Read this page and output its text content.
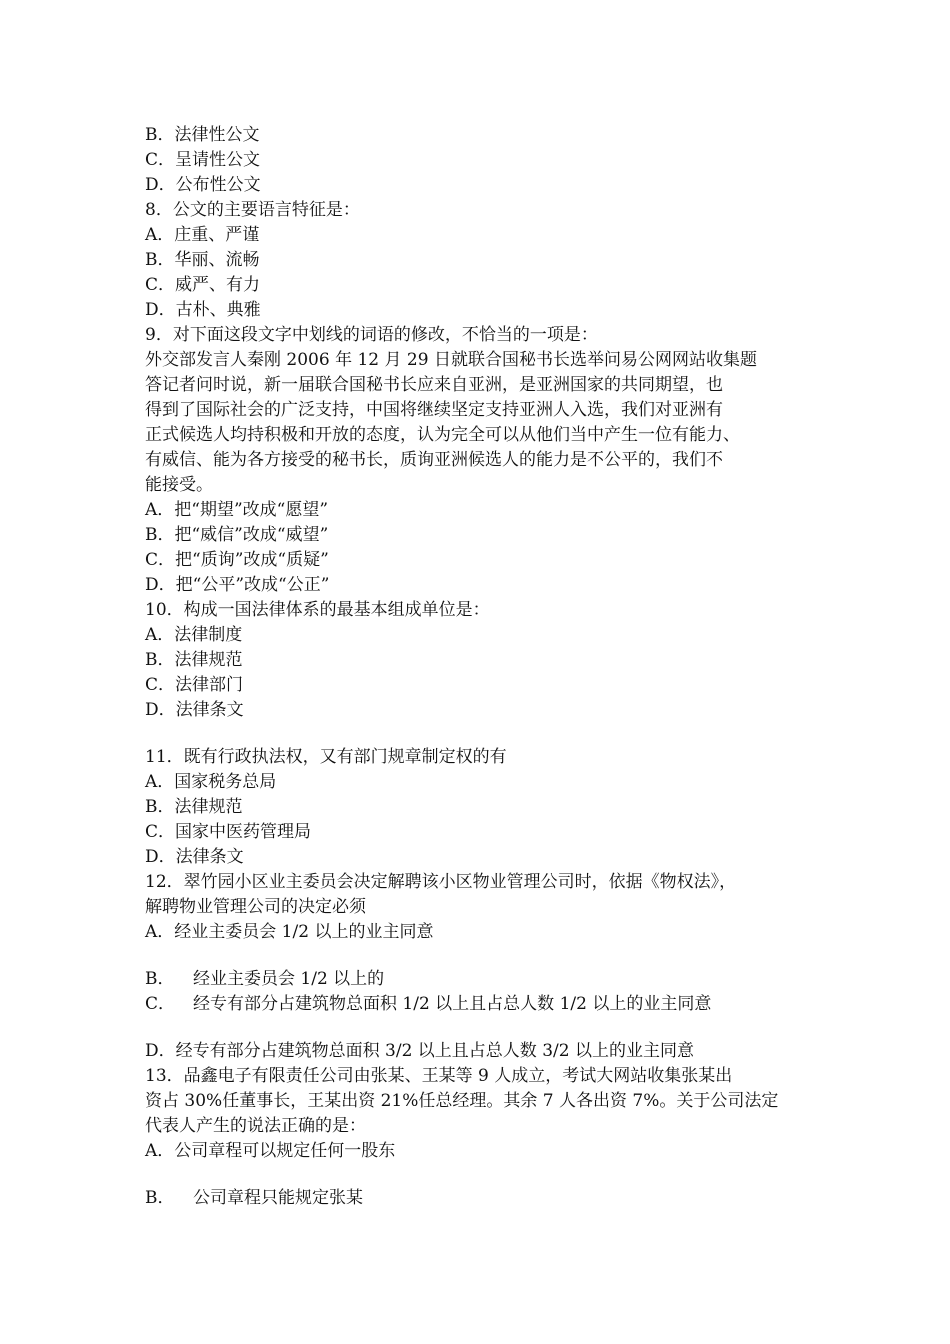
B．法律性公文
C．呈请性公文
D．公布性公文
8．公文的主要语言特征是：
A．庄重、严谨
B．华丽、流畅
C．威严、有力
D．古朴、典雅
9．对下面这段文字中划线的词语的修改，不恰当的一项是：
外交部发言人秦刚 2006 年 12 月 29 日就联合国秘书长选举问易公网网站收集题
答记者问时说，新一届联合国秘书长应来自亚洲，是亚洲国家的共同期望，也
得到了国际社会的广泛支持，中国将继续坚定支持亚洲人入选，我们对亚洲有
正式候选人均持积极和开放的态度，认为完全可以从他们当中产生一位有能力、
有威信、能为各方接受的秘书长，质询亚洲候选人的能力是不公平的，我们不
能接受。
A．把“期望”改成“愿望”
B．把“威信”改成“威望”
C．把“质询”改成“质疑”
D．把“公平”改成“公正”
10．构成一国法律体系的最基本组成单位是：
A．法律制度
B．法律规范
C．法律部门
D．法律条文
11．既有行政执法权，又有部门规章制定权的有
A．国家税务总局
B．法律规范
C．国家中医药管理局
D．法律条文
12．翠竹园小区业主委员会决定解聘该小区物业管理公司时，依据《物权法》，
解聘物业管理公司的决定必须
A．经业主委员会 1/2 以上的业主同意
B． 经业主委员会 1/2 以上的
C． 经专有部分占建筑物总面积 1/2 以上且占总人数 1/2 以上的业主同意
D．经专有部分占建筑物总面积 3/2 以上且占总人数 3/2 以上的业主同意
13．品鑫电子有限责任公司由张某、王某等 9 人成立，考试大网站收集张某出
资占 30%任董事长，王某出资 21%任总经理。其余 7 人各出资 7%。关于公司法定
代表人产生的说法正确的是：
A．公司章程可以规定任何一股东
B． 公司章程只能规定张某
